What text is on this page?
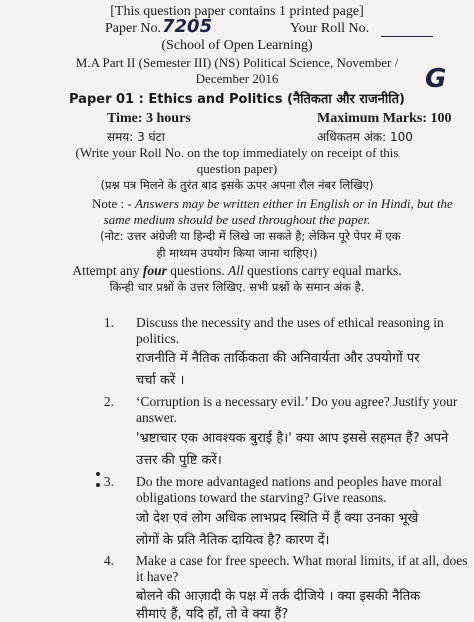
[This question paper contains 1 printed page]
Paper No. 7205	Your Roll No.
(School of Open Learning)
M.A Part II (Semester III) (NS) Political Science, November /
December 2016	G
Paper 01 : Ethics and Politics (नैतिकता और राजनीति)
Time: 3 hours	Maximum Marks: 100
समय: 3 घंटा	अधिकतम अंक: 100
(Write your Roll No. on the top immediately on receipt of this
question paper)
(प्रश्न पत्र मिलने के तुरंत बाद इसके ऊपर अपना रौल नंबर लिखिए)
Note : - Answers may be written either in English or in Hindi, but the
same medium should be used throughout the paper.
(नोट: उत्तर अंग्रेजी या हिन्दी में लिखे जा सकते है; लेकिन पूरे पेपर में एक
ही माध्यम उपयोग किया जाना चाहिए।)
Attempt any four questions. All questions carry equal marks.
किन्ही चार प्रश्नों के उत्तर लिखिए. सभी प्रश्नों के समान अंक है.
1. Discuss the necessity and the uses of ethical reasoning in
politics.
राजनीति में नैतिक तार्किकता की अनिवार्यता और उपयोगों पर
चर्चा करें ।
2. ‘Corruption is a necessary evil.’ Do you agree? Justify your
answer.
'भ्रष्टाचार एक आवश्यक बुराई है।' क्या आप इससे सहमत हैं? अपने
उत्तर की पुष्टि करें।
3. Do the more advantaged nations and peoples have moral
obligations toward the starving? Give reasons.
जो देश एवं लोग अधिक लाभप्रद स्थिति में हैं क्या उनका भूखे
लोगों के प्रति नैतिक दायित्व है? कारण दें।
4. Make a case for free speech. What moral limits, if at all, does
it have?
बोलने की आज़ादी के पक्ष में तर्क दीजिये । क्या इसकी नैतिक
सीमाएं हैं, यदि हाँ, तो वे क्या हैं?
